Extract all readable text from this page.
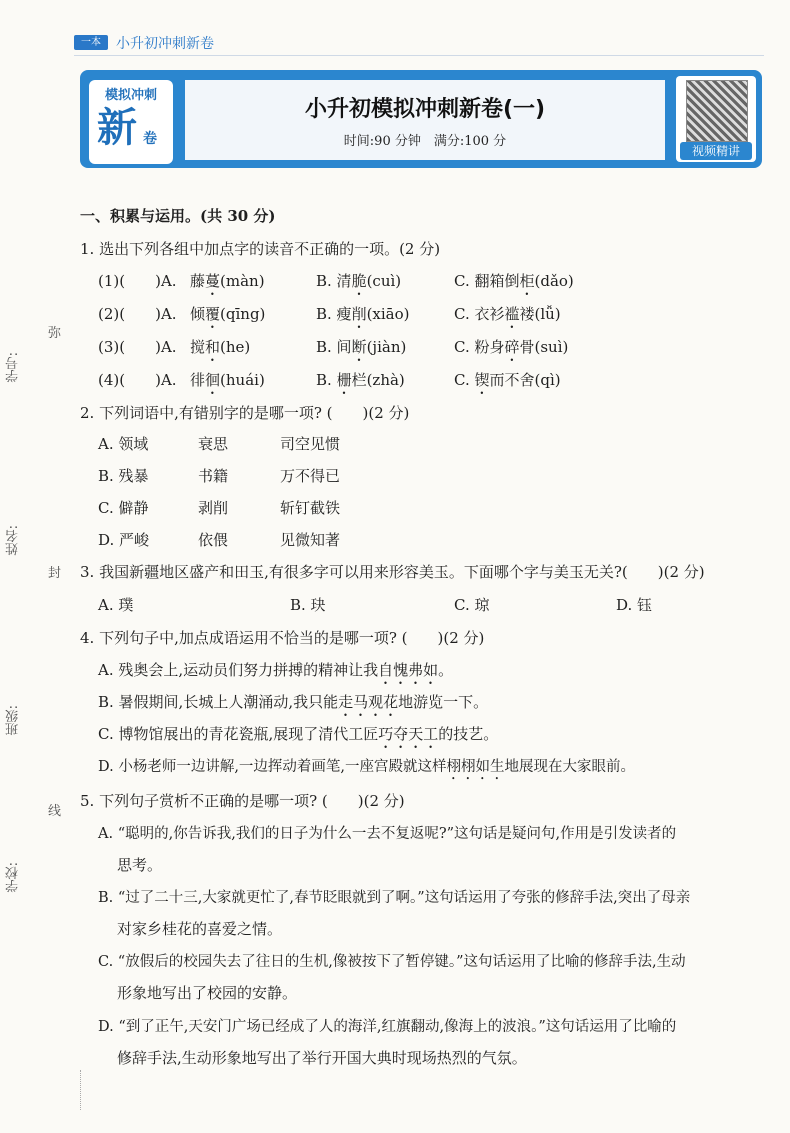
一本	小升初冲刺新卷
模拟冲刺
新 卷
小升初模拟冲刺新卷(一)
时间:90 分钟　满分:100 分
视频精讲
弥
封
线
学号:
姓名:
班级:
学校:
一、积累与运用。(共 30 分)
1. 选出下列各组中加点字的读音不正确的一项。(2 分)
(1)(　　)A. 藤蔓(màn)	B. 清脆(cuì)	C. 翻箱倒柜(dǎo)
(2)(　　)A. 倾覆(qīng)	B. 瘦削(xiāo)	C. 衣衫褴褛(lǚ)
(3)(　　)A. 搅和(he)	B. 间断(jiàn)	C. 粉身碎骨(suì)
(4)(　　)A. 徘徊(huái)	B. 栅栏(zhà)	C. 锲而不舍(qì)
2. 下列词语中,有错别字的是哪一项? (　　)(2 分)
A. 领域	衰思	司空见惯
B. 残暴	书籍	万不得已
C. 僻静	剥削	斩钉截铁
D. 严峻	依偎	见微知著
3. 我国新疆地区盛产和田玉,有很多字可以用来形容美玉。下面哪个字与美玉无关?(　　)(2 分)
A. 璞	B. 玦	C. 琼	D. 钰
4. 下列句子中,加点成语运用不恰当的是哪一项? (　　)(2 分)
A. 残奥会上,运动员们努力拼搏的精神让我自愧弗如。
B. 暑假期间,长城上人潮涌动,我只能走马观花地游览一下。
C. 博物馆展出的青花瓷瓶,展现了清代工匠巧夺天工的技艺。
D. 小杨老师一边讲解,一边挥动着画笔,一座宫殿就这样栩栩如生地展现在大家眼前。
5. 下列句子赏析不正确的是哪一项? (　　)(2 分)
A. “聪明的,你告诉我,我们的日子为什么一去不复返呢?”这句话是疑问句,作用是引发读者的
思考。
B. “过了二十三,大家就更忙了,春节眨眼就到了啊。”这句话运用了夸张的修辞手法,突出了母亲
对家乡桂花的喜爱之情。
C. “放假后的校园失去了往日的生机,像被按下了暂停键。”这句话运用了比喻的修辞手法,生动
形象地写出了校园的安静。
D. “到了正午,天安门广场已经成了人的海洋,红旗翻动,像海上的波浪。”这句话运用了比喻的
修辞手法,生动形象地写出了举行开国大典时现场热烈的气氛。
